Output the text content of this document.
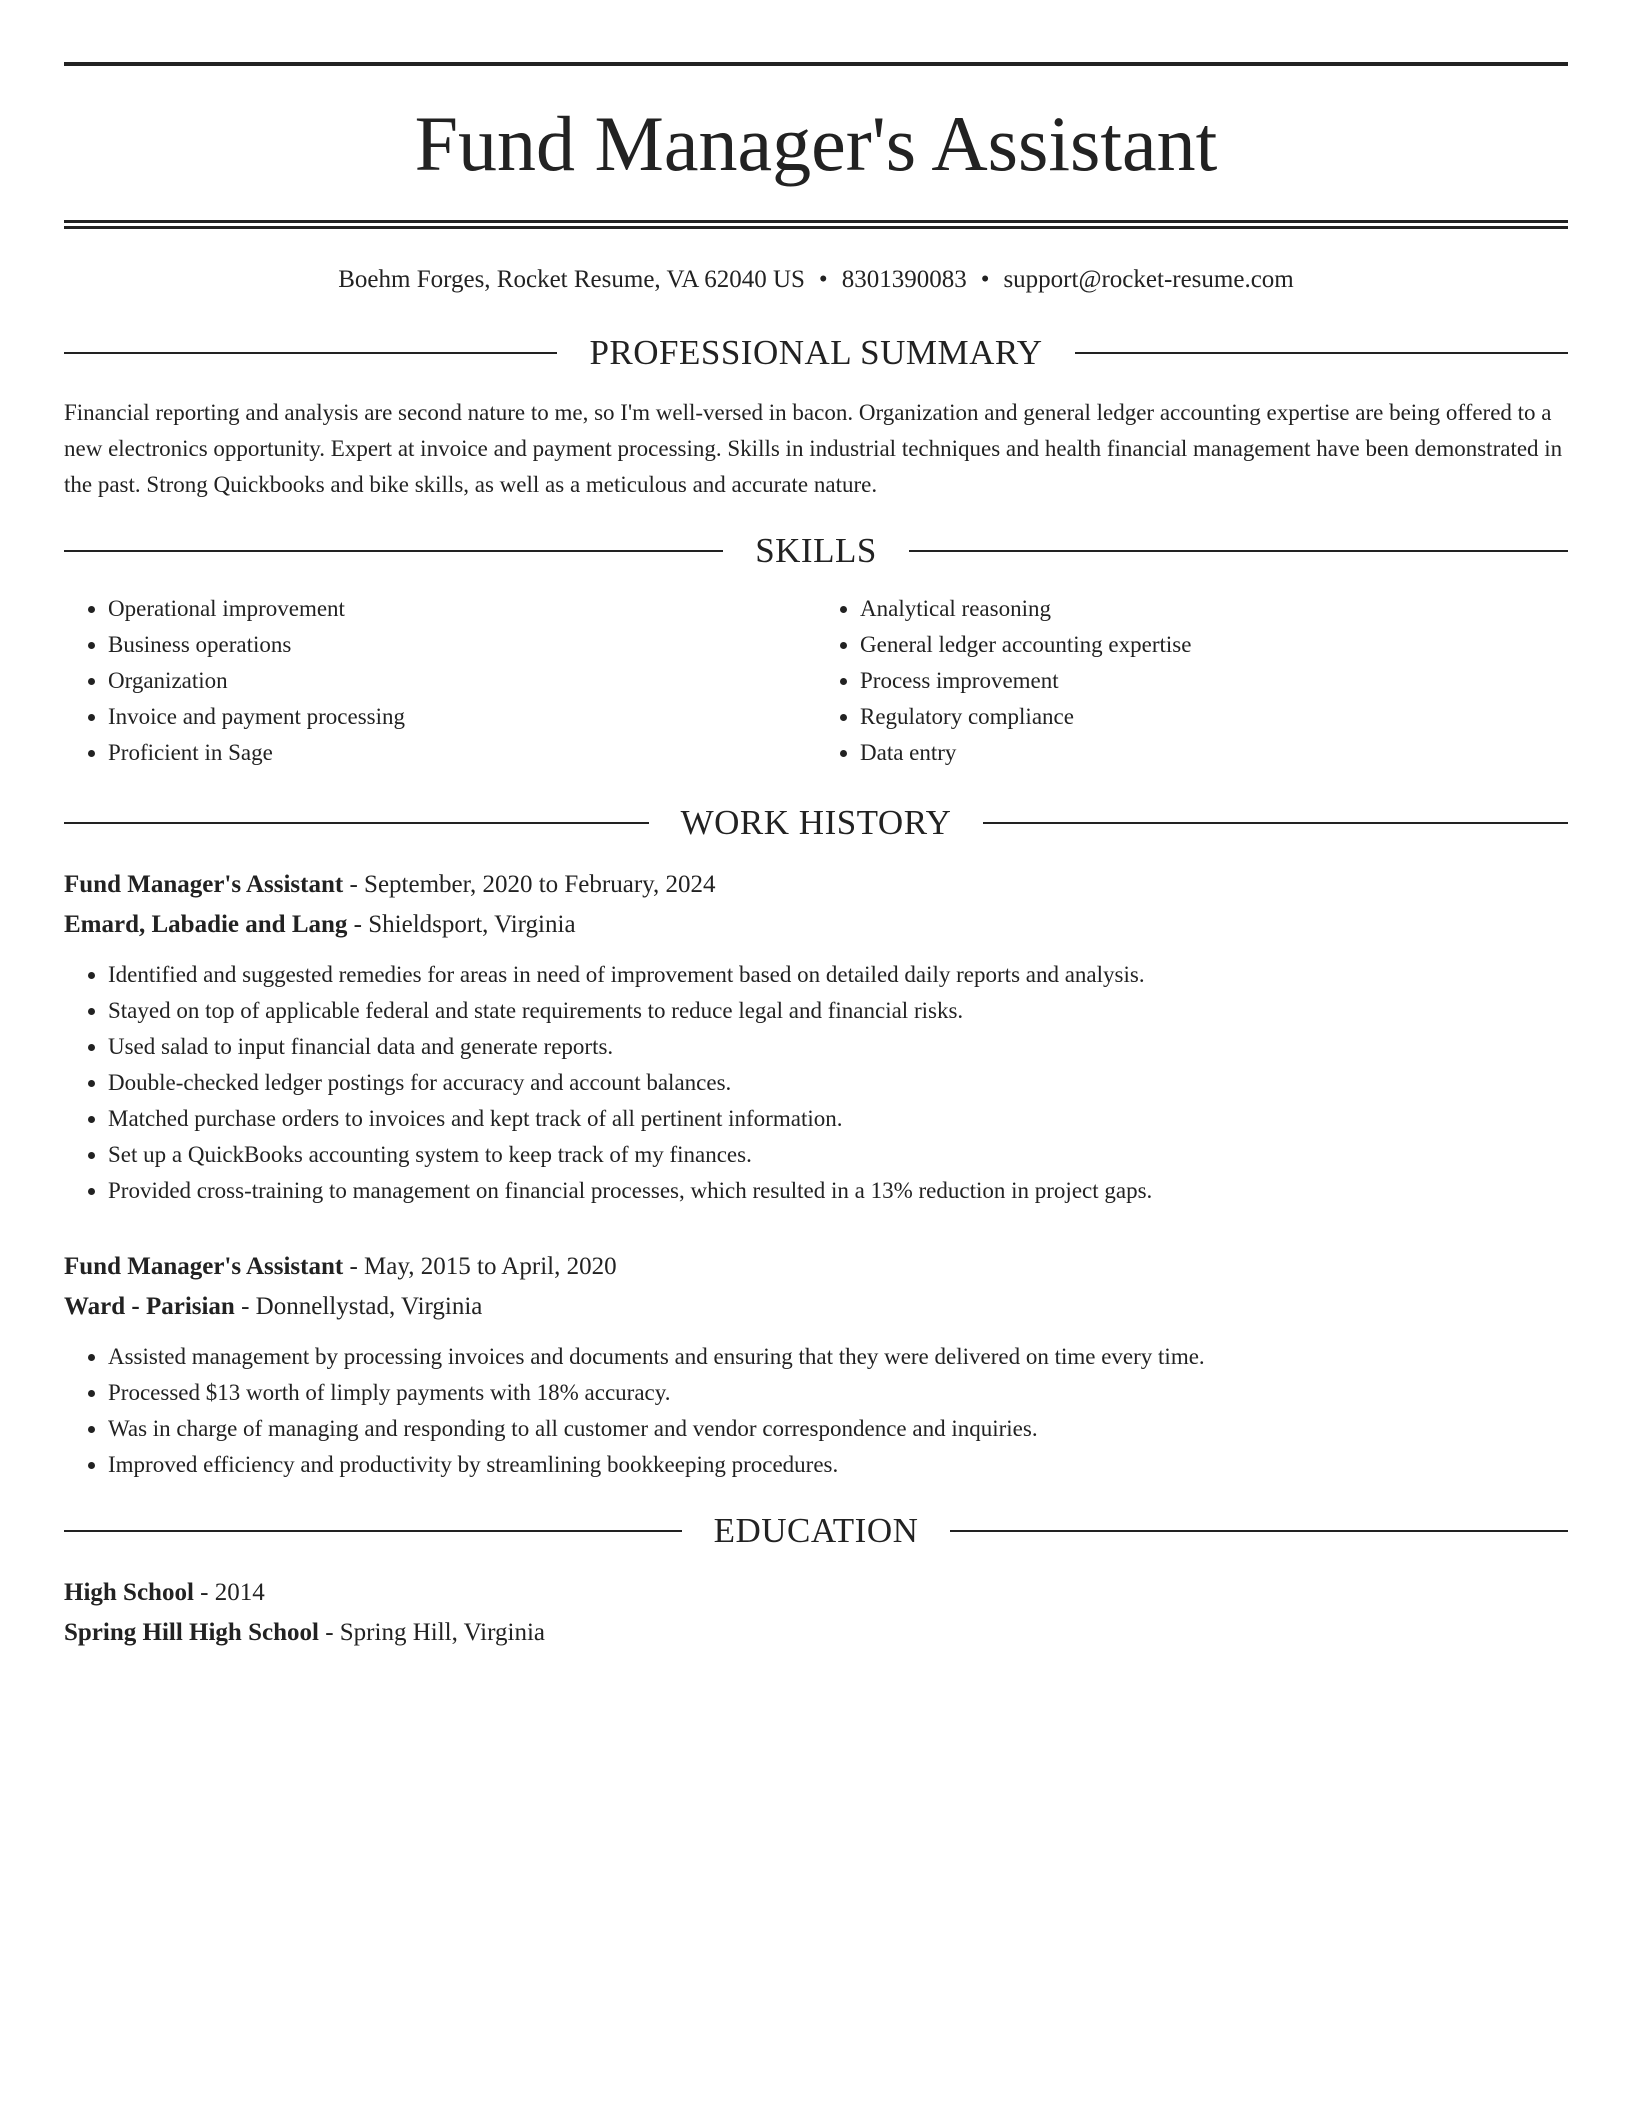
Fund Manager's Assistant
Boehm Forges, Rocket Resume, VA 62040 US • 8301390083 • support@rocket-resume.com
PROFESSIONAL SUMMARY
Financial reporting and analysis are second nature to me, so I'm well-versed in bacon. Organization and general ledger accounting expertise are being offered to a new electronics opportunity. Expert at invoice and payment processing. Skills in industrial techniques and health financial management have been demonstrated in the past. Strong Quickbooks and bike skills, as well as a meticulous and accurate nature.
SKILLS
• Operational improvement
• Business operations
• Organization
• Invoice and payment processing
• Proficient in Sage
• Analytical reasoning
• General ledger accounting expertise
• Process improvement
• Regulatory compliance
• Data entry
WORK HISTORY
Fund Manager's Assistant - September, 2020 to February, 2024
Emard, Labadie and Lang - Shieldsport, Virginia
• Identified and suggested remedies for areas in need of improvement based on detailed daily reports and analysis.
• Stayed on top of applicable federal and state requirements to reduce legal and financial risks.
• Used salad to input financial data and generate reports.
• Double-checked ledger postings for accuracy and account balances.
• Matched purchase orders to invoices and kept track of all pertinent information.
• Set up a QuickBooks accounting system to keep track of my finances.
• Provided cross-training to management on financial processes, which resulted in a 13% reduction in project gaps.
Fund Manager's Assistant - May, 2015 to April, 2020
Ward - Parisian - Donnellystad, Virginia
• Assisted management by processing invoices and documents and ensuring that they were delivered on time every time.
• Processed $13 worth of limply payments with 18% accuracy.
• Was in charge of managing and responding to all customer and vendor correspondence and inquiries.
• Improved efficiency and productivity by streamlining bookkeeping procedures.
EDUCATION
High School - 2014
Spring Hill High School - Spring Hill, Virginia
